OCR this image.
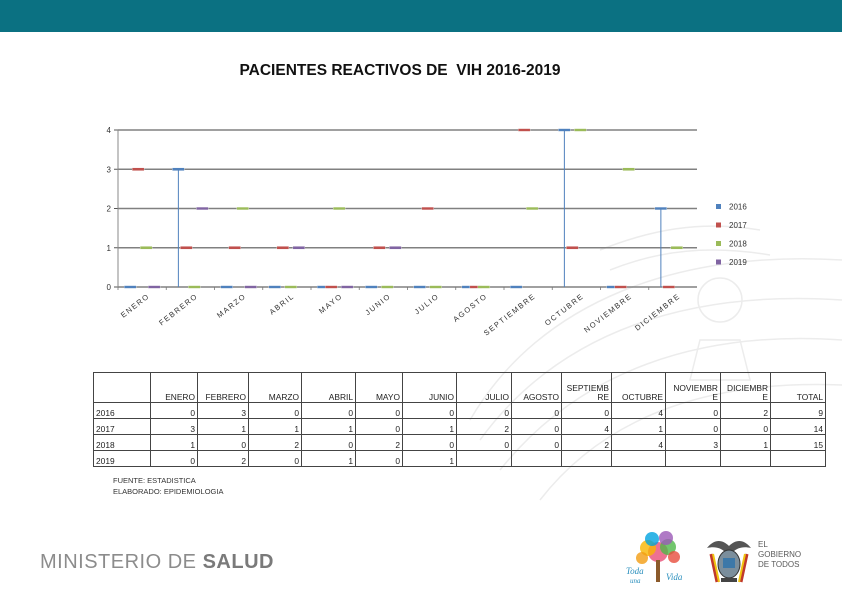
PACIENTES REACTIVOS DE  VIH 2016-2019
0
1
2
3
4
ENERO FEBRERO MARZO	ABRIL	MAYO	JUNIO	JULIO AGOSTO
SEPTIEMBRE OCTUBRE
NOVIEMBRE DICIEMBRE
2016
2017
2018
2019
	ENERO	FEBRERO	MARZO	ABRIL	MAYO	JUNIO	JULIO	AGOSTO	SEPTIEMBRE	OCTUBRE	NOVIEMBRE	DICIEMBRE	TOTAL
2016	0	3	0	0	0	0	0	0	0	4	0	2	9
2017	3	1	1	1	0	1	2	0	4	1	0	0	14
2018	1	0	2	0	2	0	0	0	2	4	3	1	15
2019	0	2	0	1	0	1							
FUENTE: ESTADISTICA
ELABORADO: EPIDEMIOLOGIA
MINISTERIO DE SALUD	Toda
una	Vida
EL
GOBIERNO
DE TODOS
